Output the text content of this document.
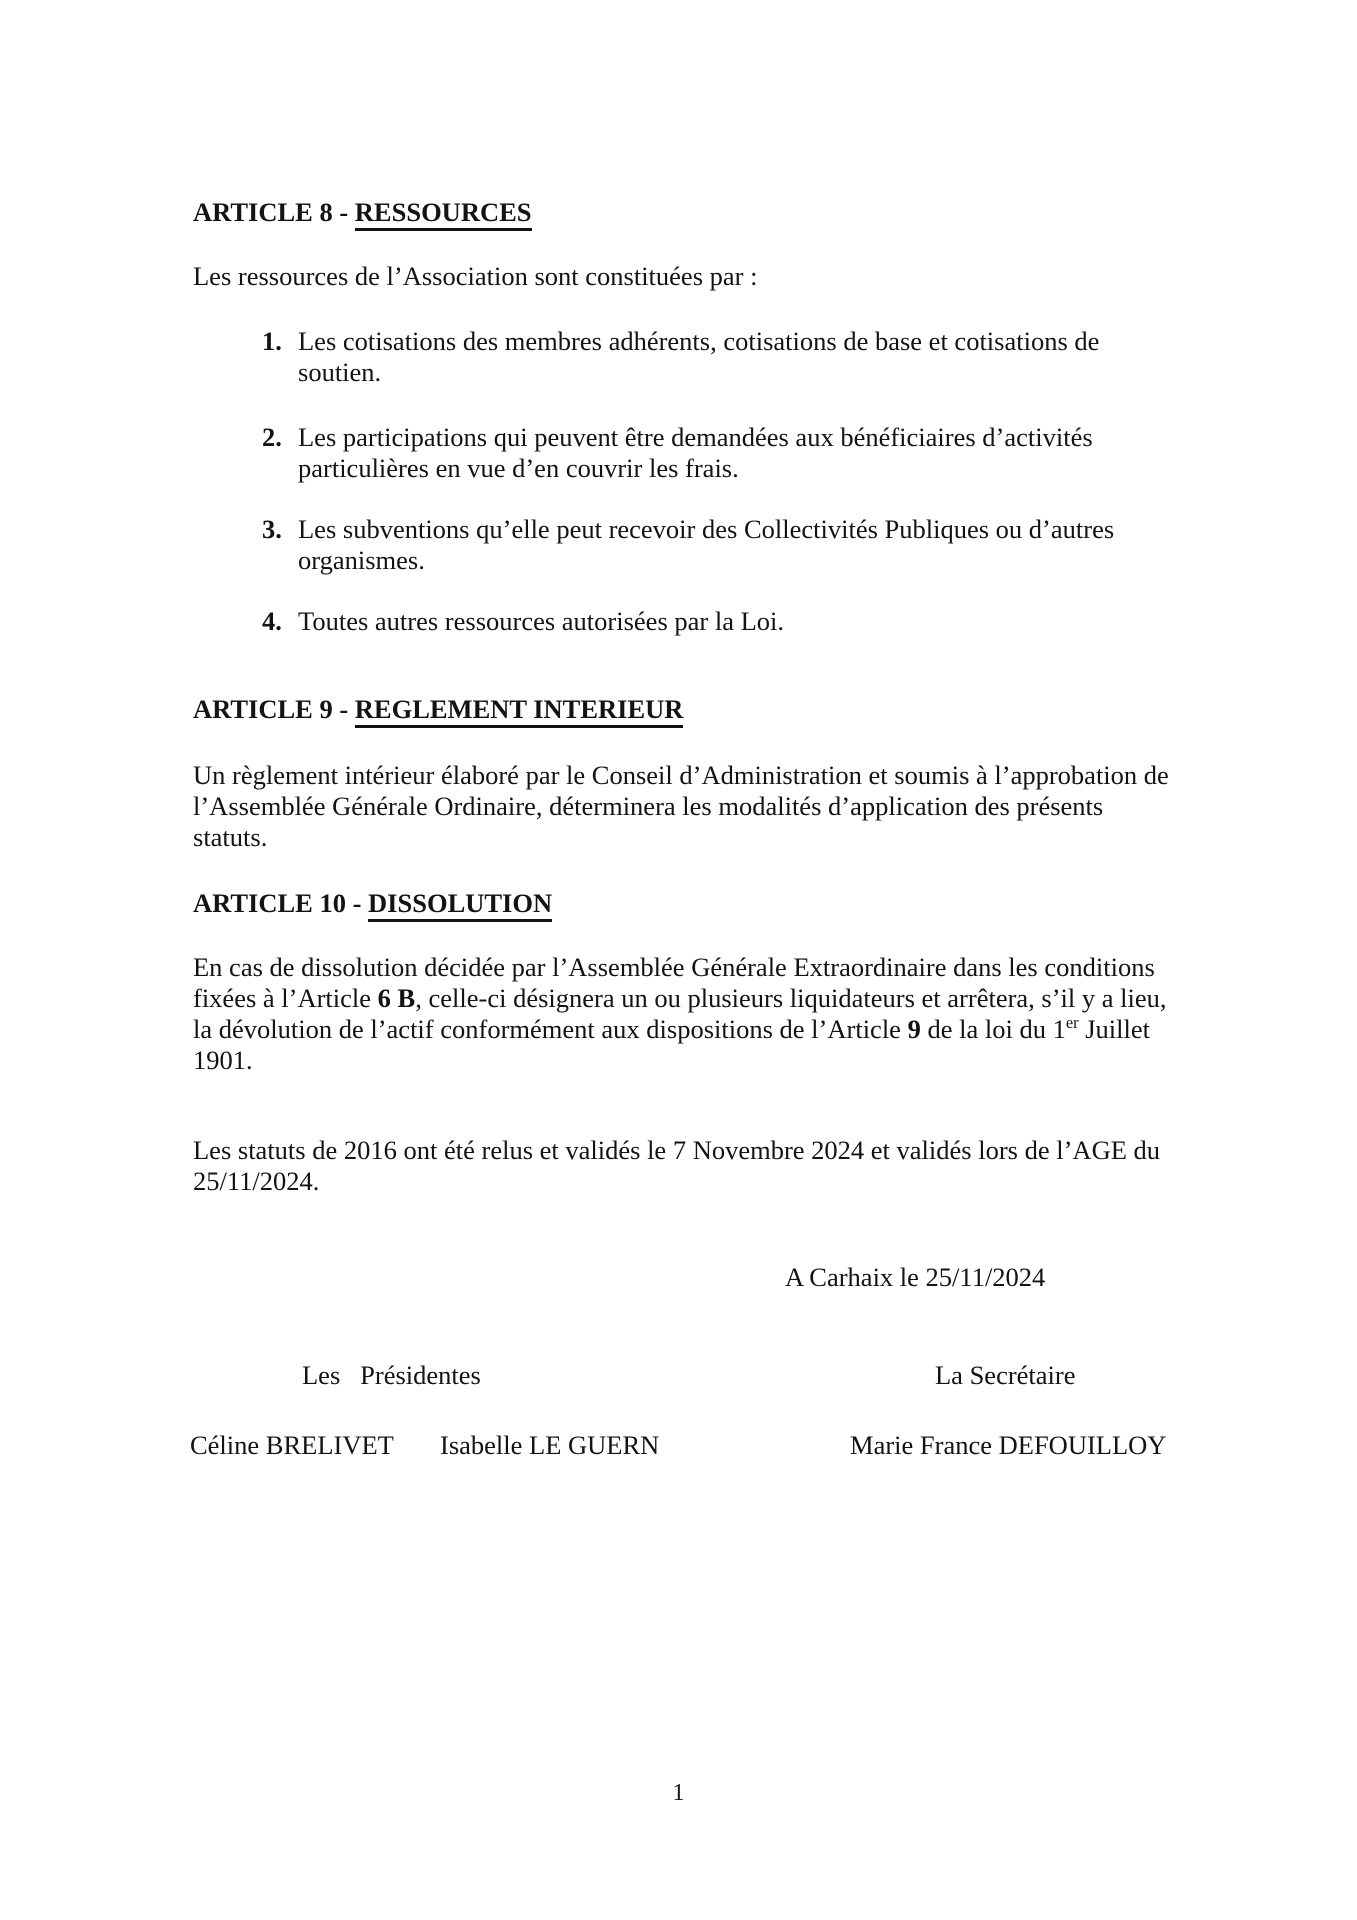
ARTICLE 8 - RESSOURCES
Les ressources de l’Association sont constituées par :
1. Les cotisations des membres adhérents, cotisations de base et cotisations de
soutien.
2. Les participations qui peuvent être demandées aux bénéficiaires d’activités
particulières en vue d’en couvrir les frais.
3. Les subventions qu’elle peut recevoir des Collectivités Publiques ou d’autres
organismes.
4. Toutes autres ressources autorisées par la Loi.
ARTICLE 9 - REGLEMENT INTERIEUR
Un règlement intérieur élaboré par le Conseil d’Administration et soumis à l’approbation de
l’Assemblée Générale Ordinaire, déterminera les modalités d’application des présents
statuts.
ARTICLE 10 - DISSOLUTION
En cas de dissolution décidée par l’Assemblée Générale Extraordinaire dans les conditions
fixées à l’Article 6 B, celle-ci désignera un ou plusieurs liquidateurs et arrêtera, s’il y a lieu,
la dévolution de l’actif conformément aux dispositions de l’Article 9 de la loi du 1er Juillet
1901.
Les statuts de 2016 ont été relus et validés le 7 Novembre 2024 et validés lors de l’AGE du
25/11/2024.
A Carhaix le 25/11/2024
Les   Présidentes	La Secrétaire
Céline BRELIVET Isabelle LE GUERN	Marie France DEFOUILLOY
1
